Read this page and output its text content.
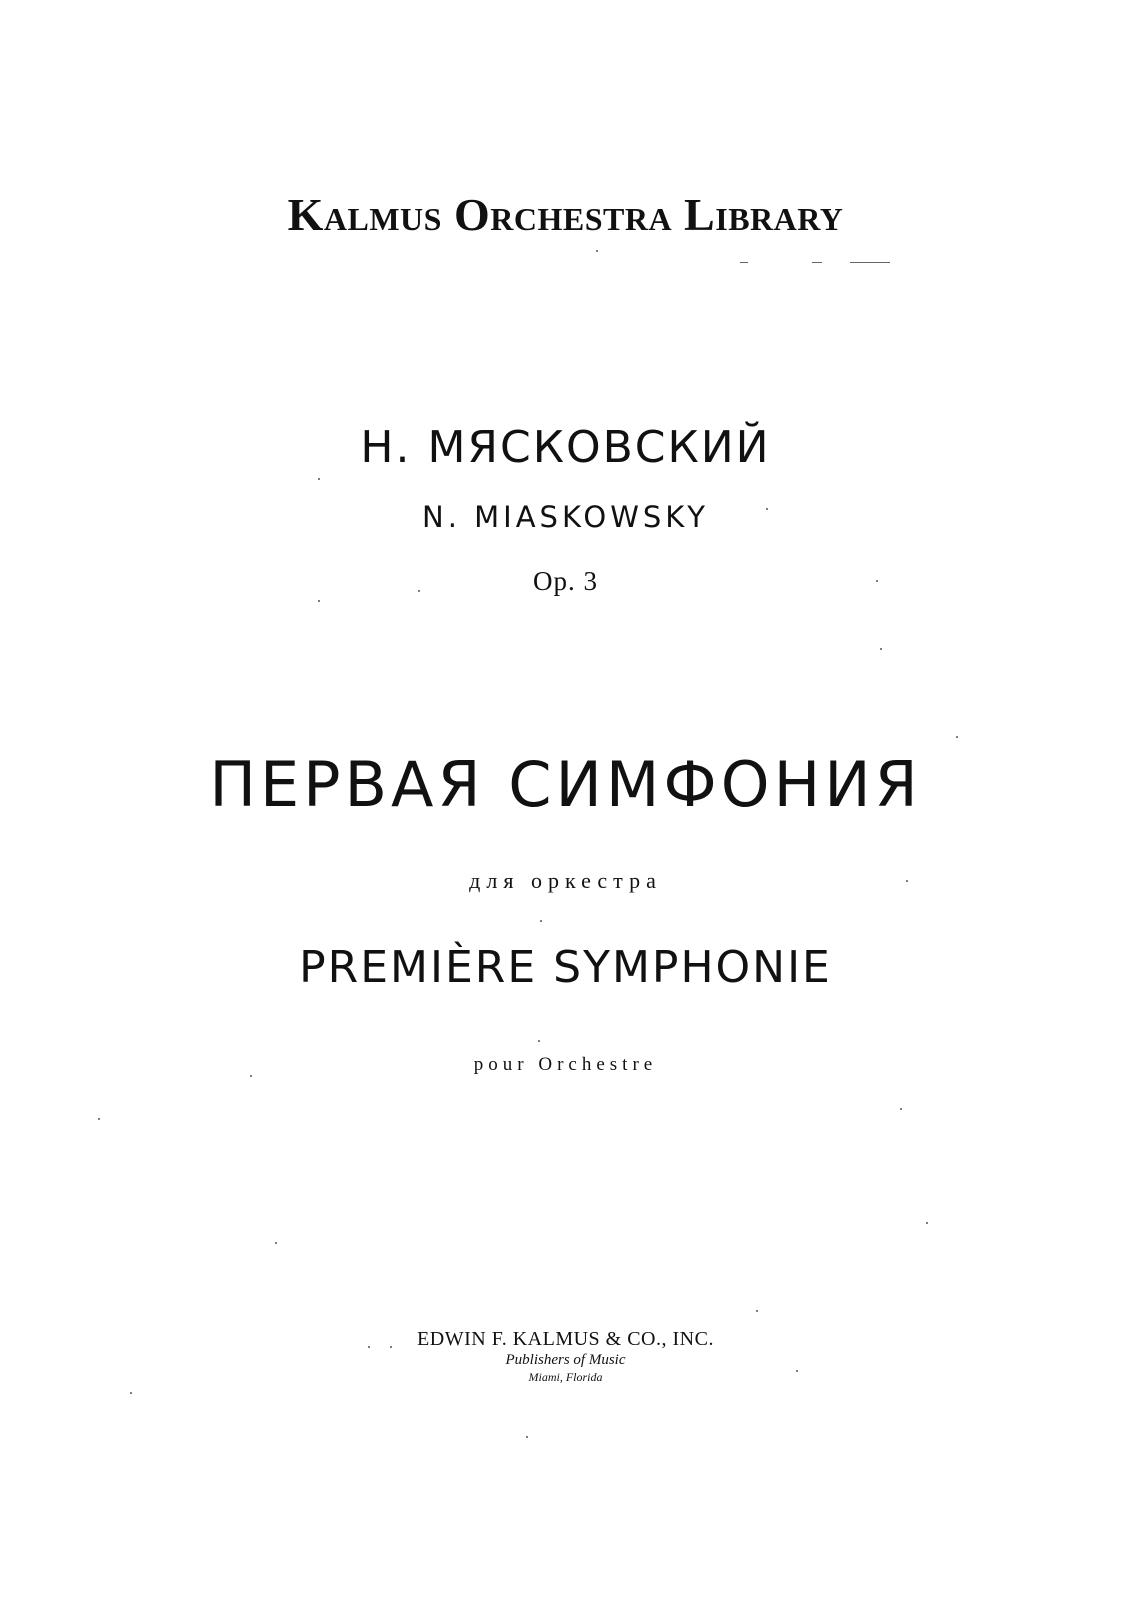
Kalmus Orchestra Library
Н. МЯСКОВСКИЙ
N. MIASKOWSKY
Op. 3
ПЕРВАЯ СИМФОНИЯ
для оркестра
PREMIÈRE SYMPHONIE
pour Orchestre
EDWIN F. KALMUS & CO., INC.
Publishers of Music
Miami, Florida
